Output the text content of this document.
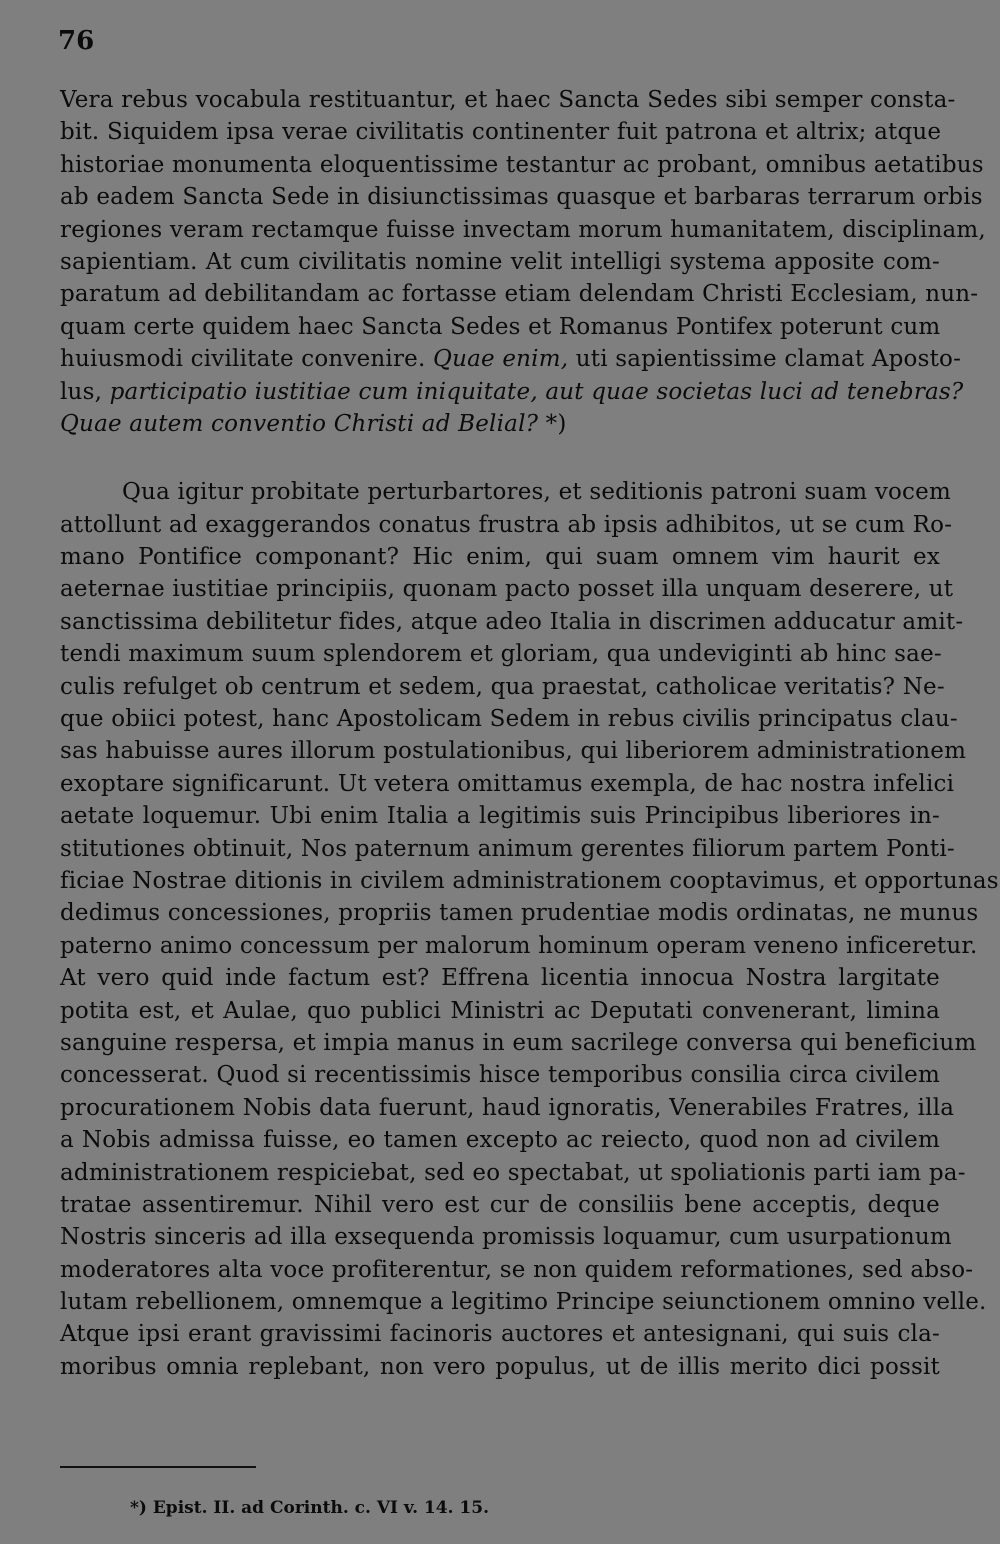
76
Vera rebus vocabula restituantur, et haec Sancta Sedes sibi semper consta-
bit. Siquidem ipsa verae civilitatis continenter fuit patrona et altrix; atque
historiae monumenta eloquentissime testantur ac probant, omnibus aetatibus
ab eadem Sancta Sede in disiunctissimas quasque et barbaras terrarum orbis
regiones veram rectamque fuisse invectam morum humanitatem, disciplinam,
sapientiam. At cum civilitatis nomine velit intelligi systema apposite com-
paratum ad debilitandam ac fortasse etiam delendam Christi Ecclesiam, nun-
quam certe quidem haec Sancta Sedes et Romanus Pontifex poterunt cum
huiusmodi civilitate convenire. Quae enim, uti sapientissime clamat Aposto-
lus, participatio iustitiae cum iniquitate, aut quae societas luci ad tenebras?
Quae autem conventio Christi ad Belial? *)
Qua igitur probitate perturbartores, et seditionis patroni suam vocem
attollunt ad exaggerandos conatus frustra ab ipsis adhibitos, ut se cum Ro-
mano Pontifice componant? Hic enim, qui suam omnem vim haurit ex
aeternae iustitiae principiis, quonam pacto posset illa unquam deserere, ut
sanctissima debilitetur fides, atque adeo Italia in discrimen adducatur amit-
tendi maximum suum splendorem et gloriam, qua undeviginti ab hinc sae-
culis refulget ob centrum et sedem, qua praestat, catholicae veritatis? Ne-
que obiici potest, hanc Apostolicam Sedem in rebus civilis principatus clau-
sas habuisse aures illorum postulationibus, qui liberiorem administrationem
exoptare significarunt. Ut vetera omittamus exempla, de hac nostra infelici
aetate loquemur. Ubi enim Italia a legitimis suis Principibus liberiores in-
stitutiones obtinuit, Nos paternum animum gerentes filiorum partem Ponti-
ficiae Nostrae ditionis in civilem administrationem cooptavimus, et opportunas
dedimus concessiones, propriis tamen prudentiae modis ordinatas, ne munus
paterno animo concessum per malorum hominum operam veneno inficeretur.
At vero quid inde factum est? Effrena licentia innocua Nostra largitate
potita est, et Aulae, quo publici Ministri ac Deputati convenerant, limina
sanguine respersa, et impia manus in eum sacrilege conversa qui beneficium
concesserat. Quod si recentissimis hisce temporibus consilia circa civilem
procurationem Nobis data fuerunt, haud ignoratis, Venerabiles Fratres, illa
a Nobis admissa fuisse, eo tamen excepto ac reiecto, quod non ad civilem
administrationem respiciebat, sed eo spectabat, ut spoliationis parti iam pa-
tratae assentiremur. Nihil vero est cur de consiliis bene acceptis, deque
Nostris sinceris ad illa exsequenda promissis loquamur, cum usurpationum
moderatores alta voce profiterentur, se non quidem reformationes, sed abso-
lutam rebellionem, omnemque a legitimo Principe seiunctionem omnino velle.
Atque ipsi erant gravissimi facinoris auctores et antesignani, qui suis cla-
moribus omnia replebant, non vero populus, ut de illis merito dici possit
*) Epist. II. ad Corinth. c. VI v. 14. 15.
